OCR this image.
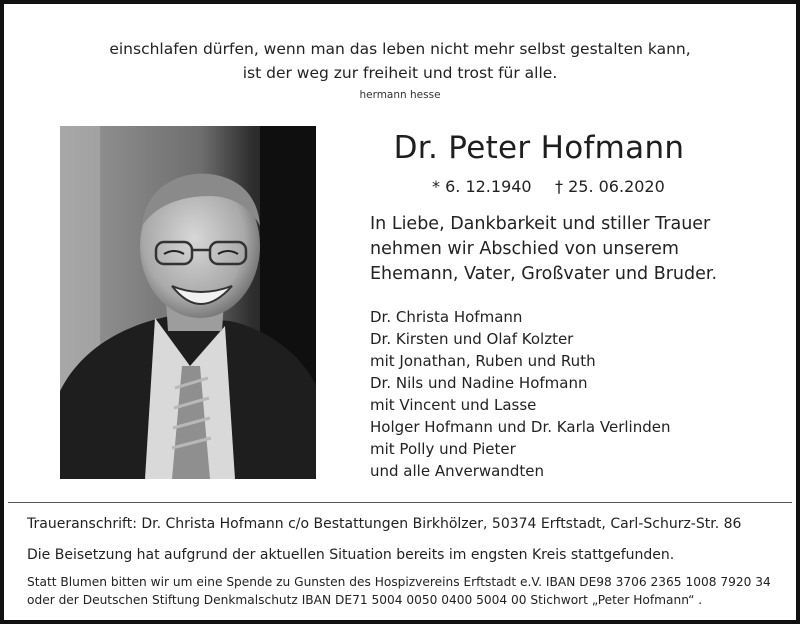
einschlafen dürfen, wenn man das leben nicht mehr selbst gestalten kann,
ist der weg zur freiheit und trost für alle.
hermann hesse
Dr. Peter Hofmann
* 6. 12.1940 † 25. 06.2020
In Liebe, Dankbarkeit und stiller Trauer
nehmen wir Abschied von unserem
Ehemann, Vater, Großvater und Bruder.
Dr. Christa Hofmann
Dr. Kirsten und Olaf Kolzter
mit Jonathan, Ruben und Ruth
Dr. Nils und Nadine Hofmann
mit Vincent und Lasse
Holger Hofmann und Dr. Karla Verlinden
mit Polly und Pieter
und alle Anverwandten
Traueranschrift: Dr. Christa Hofmann c/o Bestattungen Birkhölzer, 50374 Erftstadt, Carl-Schurz-Str. 86
Die Beisetzung hat aufgrund der aktuellen Situation bereits im engsten Kreis stattgefunden.
Statt Blumen bitten wir um eine Spende zu Gunsten des Hospizvereins Erftstadt e.V. IBAN DE98 3706 2365 1008 7920 34
oder der Deutschen Stiftung Denkmalschutz IBAN DE71 5004 0050 0400 5004 00 Stichwort „Peter Hofmann“ .
